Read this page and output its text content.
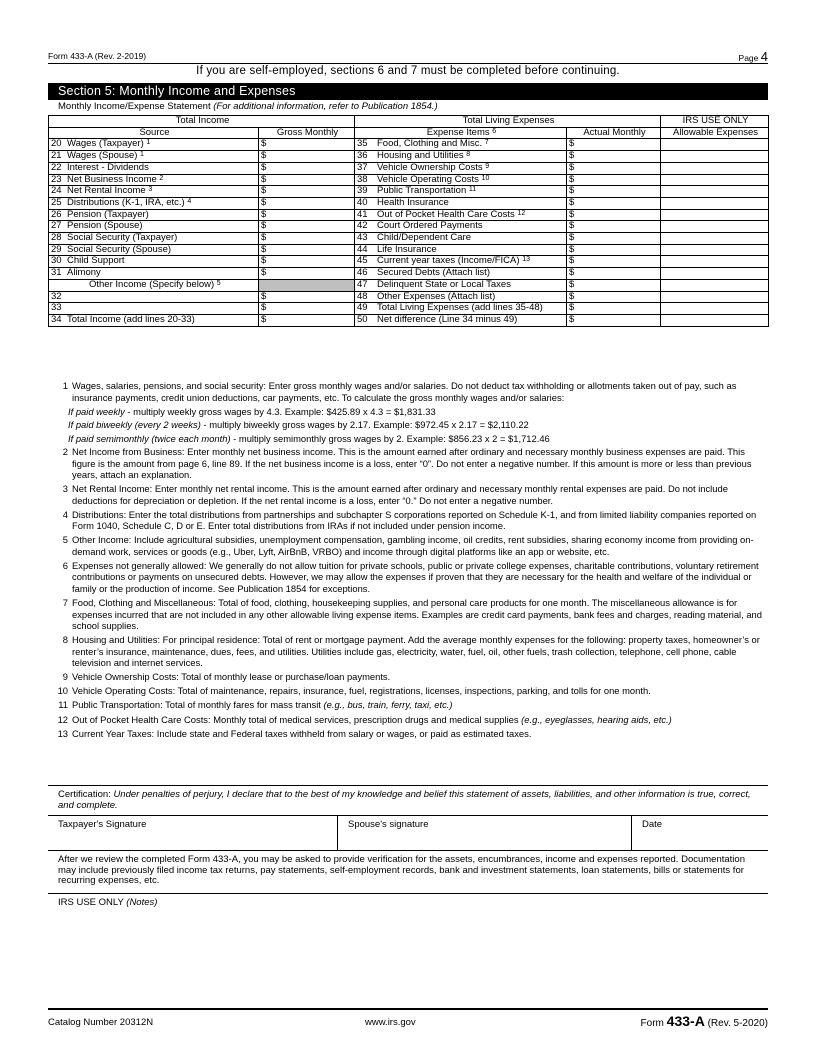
Form 433-A (Rev. 2-2019)	Page 4
If you are self-employed, sections 6 and 7 must be completed before continuing.
Section 5: Monthly Income and Expenses
Monthly Income/Expense Statement (For additional information, refer to Publication 1854.)
Total Income		Total Living Expenses		IRS USE ONLY
Source	Gross Monthly	Expense Items $^6$	Actual Monthly	Allowable Expenses
20 Wages (Taxpayer) $^1$	$	35 Food, Clothing and Misc. $^7$	$	
21 Wages (Spouse) $^1$	$	36 Housing and Utilities $^8$	$	
22 Interest - Dividends	$	37 Vehicle Ownership Costs $^9$	$	
23 Net Business Income $^2$	$	38 Vehicle Operating Costs $^{10}$	$	
24 Net Rental Income $^3$	$	39 Public Transportation $^{11}$	$	
25 Distributions (K-1, IRA, etc.) $^4$	$	40 Health Insurance	$	
26 Pension (Taxpayer)	$	41 Out of Pocket Health Care Costs $^{12}$	$	
27 Pension (Spouse)	$	42 Court Ordered Payments	$	
28 Social Security (Taxpayer)	$	43 Child/Dependent Care	$	
29 Social Security (Spouse)	$	44 Life Insurance	$	
30 Child Support	$	45 Current year taxes (Income/FICA) $^{13}$	$	
31 Alimony	$	46 Secured Debts (Attach list)	$	
Other Income (Specify below) $^5$		47 Delinquent State or Local Taxes	$	
32	$	48 Other Expenses (Attach list)	$	
33	$	49 Total Living Expenses (add lines 35-48)	$	
34 Total Income (add lines 20-33)	$	50 Net difference (Line 34 minus 49)	$	
1 Wages, salaries, pensions, and social security: Enter gross monthly wages and/or salaries. Do not deduct tax withholding or allotments taken out of pay, such as insurance payments, credit union deductions, car payments, etc. To calculate the gross monthly wages and/or salaries:
If paid weekly - multiply weekly gross wages by 4.3. Example: $425.89 x 4.3 = $1,831.33
If paid biweekly (every 2 weeks) - multiply biweekly gross wages by 2.17. Example: $972.45 x 2.17 = $2,110.22
If paid semimonthly (twice each month) - multiply semimonthly gross wages by 2. Example: $856.23 x 2 = $1,712.46
2 Net Income from Business: Enter monthly net business income. This is the amount earned after ordinary and necessary monthly business expenses are paid. This figure is the amount from page 6, line 89. If the net business income is a loss, enter “0”. Do not enter a negative number. If this amount is more or less than previous years, attach an explanation.
3 Net Rental Income: Enter monthly net rental income. This is the amount earned after ordinary and necessary monthly rental expenses are paid. Do not include deductions for depreciation or depletion. If the net rental income is a loss, enter “0.” Do not enter a negative number.
4 Distributions: Enter the total distributions from partnerships and subchapter S corporations reported on Schedule K-1, and from limited liability companies reported on Form 1040, Schedule C, D or E. Enter total distributions from IRAs if not included under pension income.
5 Other Income: Include agricultural subsidies, unemployment compensation, gambling income, oil credits, rent subsidies, sharing economy income from providing on-demand work, services or goods (e.g., Uber, Lyft, AirBnB, VRBO) and income through digital platforms like an app or website, etc.
6 Expenses not generally allowed: We generally do not allow tuition for private schools, public or private college expenses, charitable contributions, voluntary retirement contributions or payments on unsecured debts. However, we may allow the expenses if proven that they are necessary for the health and welfare of the individual or family or the production of income. See Publication 1854 for exceptions.
7 Food, Clothing and Miscellaneous: Total of food, clothing, housekeeping supplies, and personal care products for one month. The miscellaneous allowance is for expenses incurred that are not included in any other allowable living expense items. Examples are credit card payments, bank fees and charges, reading material, and school supplies.
8 Housing and Utilities: For principal residence: Total of rent or mortgage payment. Add the average monthly expenses for the following: property taxes, homeowner’s or renter’s insurance, maintenance, dues, fees, and utilities. Utilities include gas, electricity, water, fuel, oil, other fuels, trash collection, telephone, cell phone, cable television and internet services.
9 Vehicle Ownership Costs: Total of monthly lease or purchase/loan payments.
10 Vehicle Operating Costs: Total of maintenance, repairs, insurance, fuel, registrations, licenses, inspections, parking, and tolls for one month.
11 Public Transportation: Total of monthly fares for mass transit (e.g., bus, train, ferry, taxi, etc.)
12 Out of Pocket Health Care Costs: Monthly total of medical services, prescription drugs and medical supplies (e.g., eyeglasses, hearing aids, etc.)
13 Current Year Taxes: Include state and Federal taxes withheld from salary or wages, or paid as estimated taxes.
Certification: Under penalties of perjury, I declare that to the best of my knowledge and belief this statement of assets, liabilities, and other information is true, correct, and complete.
Taxpayer's Signature	Spouse's signature	Date
After we review the completed Form 433-A, you may be asked to provide verification for the assets, encumbrances, income and expenses reported. Documentation may include previously filed income tax returns, pay statements, self-employment records, bank and investment statements, loan statements, bills or statements for recurring expenses, etc.
IRS USE ONLY (Notes)
Catalog Number 20312N	www.irs.gov	Form 433-A (Rev. 5-2020)
